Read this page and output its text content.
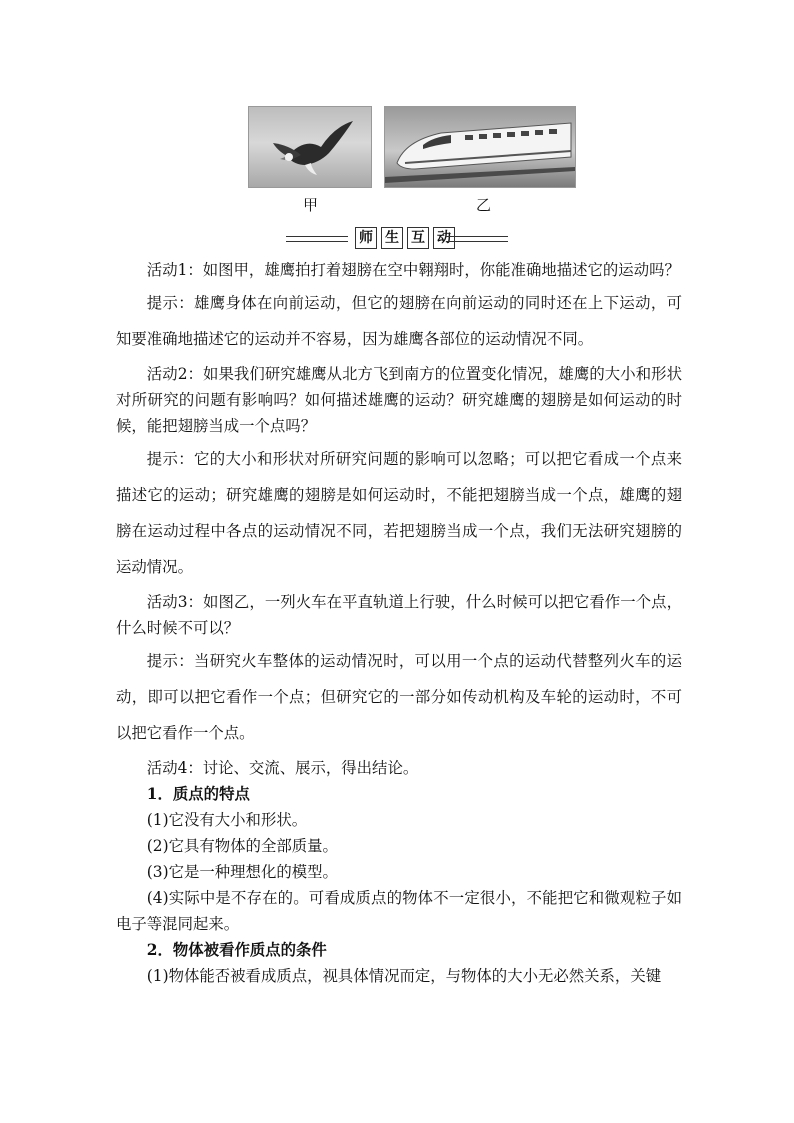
甲	乙
师 生 互 动

活动1：如图甲，雄鹰拍打着翅膀在空中翱翔时，你能准确地描述它的运动吗？

提示：雄鹰身体在向前运动，但它的翅膀在向前运动的同时还在上下运动，可知要准确地描述它的运动并不容易，因为雄鹰各部位的运动情况不同。

活动2：如果我们研究雄鹰从北方飞到南方的位置变化情况，雄鹰的大小和形状对所研究的问题有影响吗？如何描述雄鹰的运动？研究雄鹰的翅膀是如何运动的时候，能把翅膀当成一个点吗？

提示：它的大小和形状对所研究问题的影响可以忽略；可以把它看成一个点来描述它的运动；研究雄鹰的翅膀是如何运动时，不能把翅膀当成一个点，雄鹰的翅膀在运动过程中各点的运动情况不同，若把翅膀当成一个点，我们无法研究翅膀的运动情况。

活动3：如图乙，一列火车在平直轨道上行驶，什么时候可以把它看作一个点，什么时候不可以？

提示：当研究火车整体的运动情况时，可以用一个点的运动代替整列火车的运动，即可以把它看作一个点；但研究它的一部分如传动机构及车轮的运动时，不可以把它看作一个点。

活动4：讨论、交流、展示，得出结论。

1．质点的特点

(1)它没有大小和形状。

(2)它具有物体的全部质量。

(3)它是一种理想化的模型。

(4)实际中是不存在的。可看成质点的物体不一定很小，不能把它和微观粒子如电子等混同起来。

2．物体被看作质点的条件

(1)物体能否被看成质点，视具体情况而定，与物体的大小无必然关系，关键
